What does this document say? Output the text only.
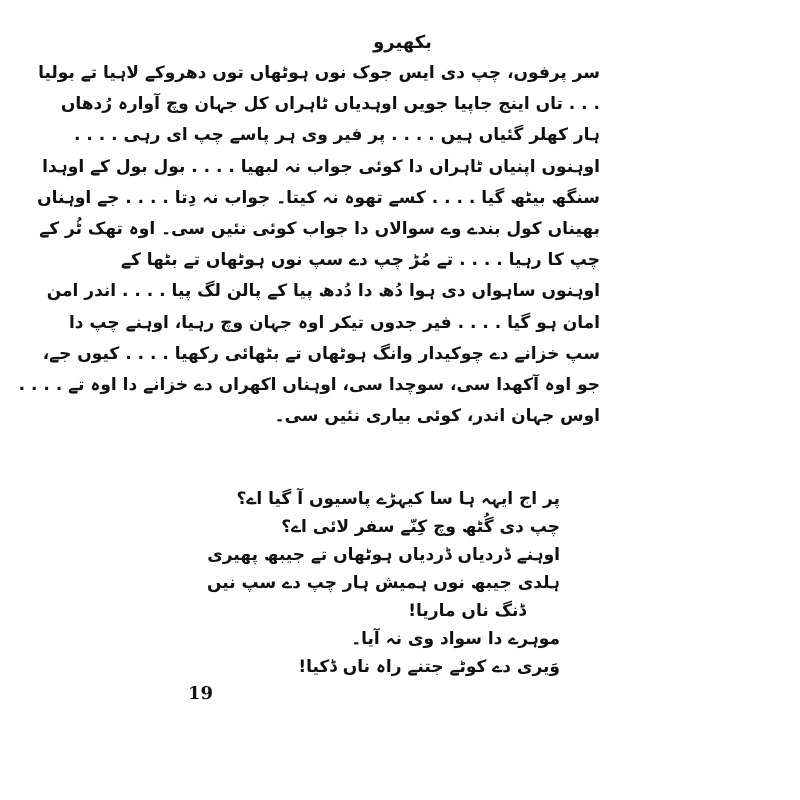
بکھیرو
سر پرفوں، چپ دی ایس جوک نوں ہوٹھاں توں دھروکے لاہیا تے بولیا
. . . تاں اینج جاپیا جویں اوہدیاں ٹاہراں کل جہان وچ آوارہ رُدھاں
ہار کھلر گئیاں ہیں . . . . پر فیر وی ہر پاسے چپ ای رہی . . . .
اوہنوں اپنیاں ٹاہراں دا کوئی جواب نہ لبھیا . . . . بول بول کے اوہدا
سنگھ بیٹھ گیا . . . . کسے تھوہ نہ کیتا۔ جواب نہ دِتا . . . . جے اوہناں
بھیناں کول بندے وے سوالاں دا جواب کوئی نئیں سی۔ اوہ تھک ٹُر کے
چپ کا رہیا . . . . تے مُڑ چپ دے سپ نوں ہوٹھاں تے بٹھا کے
اوہنوں ساہواں دی ہوا دُھ دا دُدھ پیا کے پالن لگ پیا . . . . اندر امن
امان ہو گیا . . . . فیر جدوں تیکر اوہ جہان وچ رہیا، اوہنے چپ دا
سپ خزانے دے چوکیدار وانگ ہوٹھاں تے بٹھائی رکھیا . . . . کیوں جے،
جو اوہ آکھدا سی، سوچدا سی، اوہناں اکھراں دے خزانے دا اوہ تے . . . .
اوس جہان اندر، کوئی بیاری نئیں سی۔
پر اج ایہہ ہا سا کیہڑے پاسیوں آ گیا اے؟
چپ دی گُٹھ وچ کِنّے سفر لائی اے؟
اوہنے ڈردیاں ڈردیاں ہوٹھاں تے جیبھ پھیری
ہلدی جیبھ نوں ہمیش ہار چپ دے سپ نیں
ڈنگ ناں ماریا!
موہرے دا سواد وی نہ آیا۔
وَیری دے کوٹے جتنے راہ ناں ڈکیا!
19
